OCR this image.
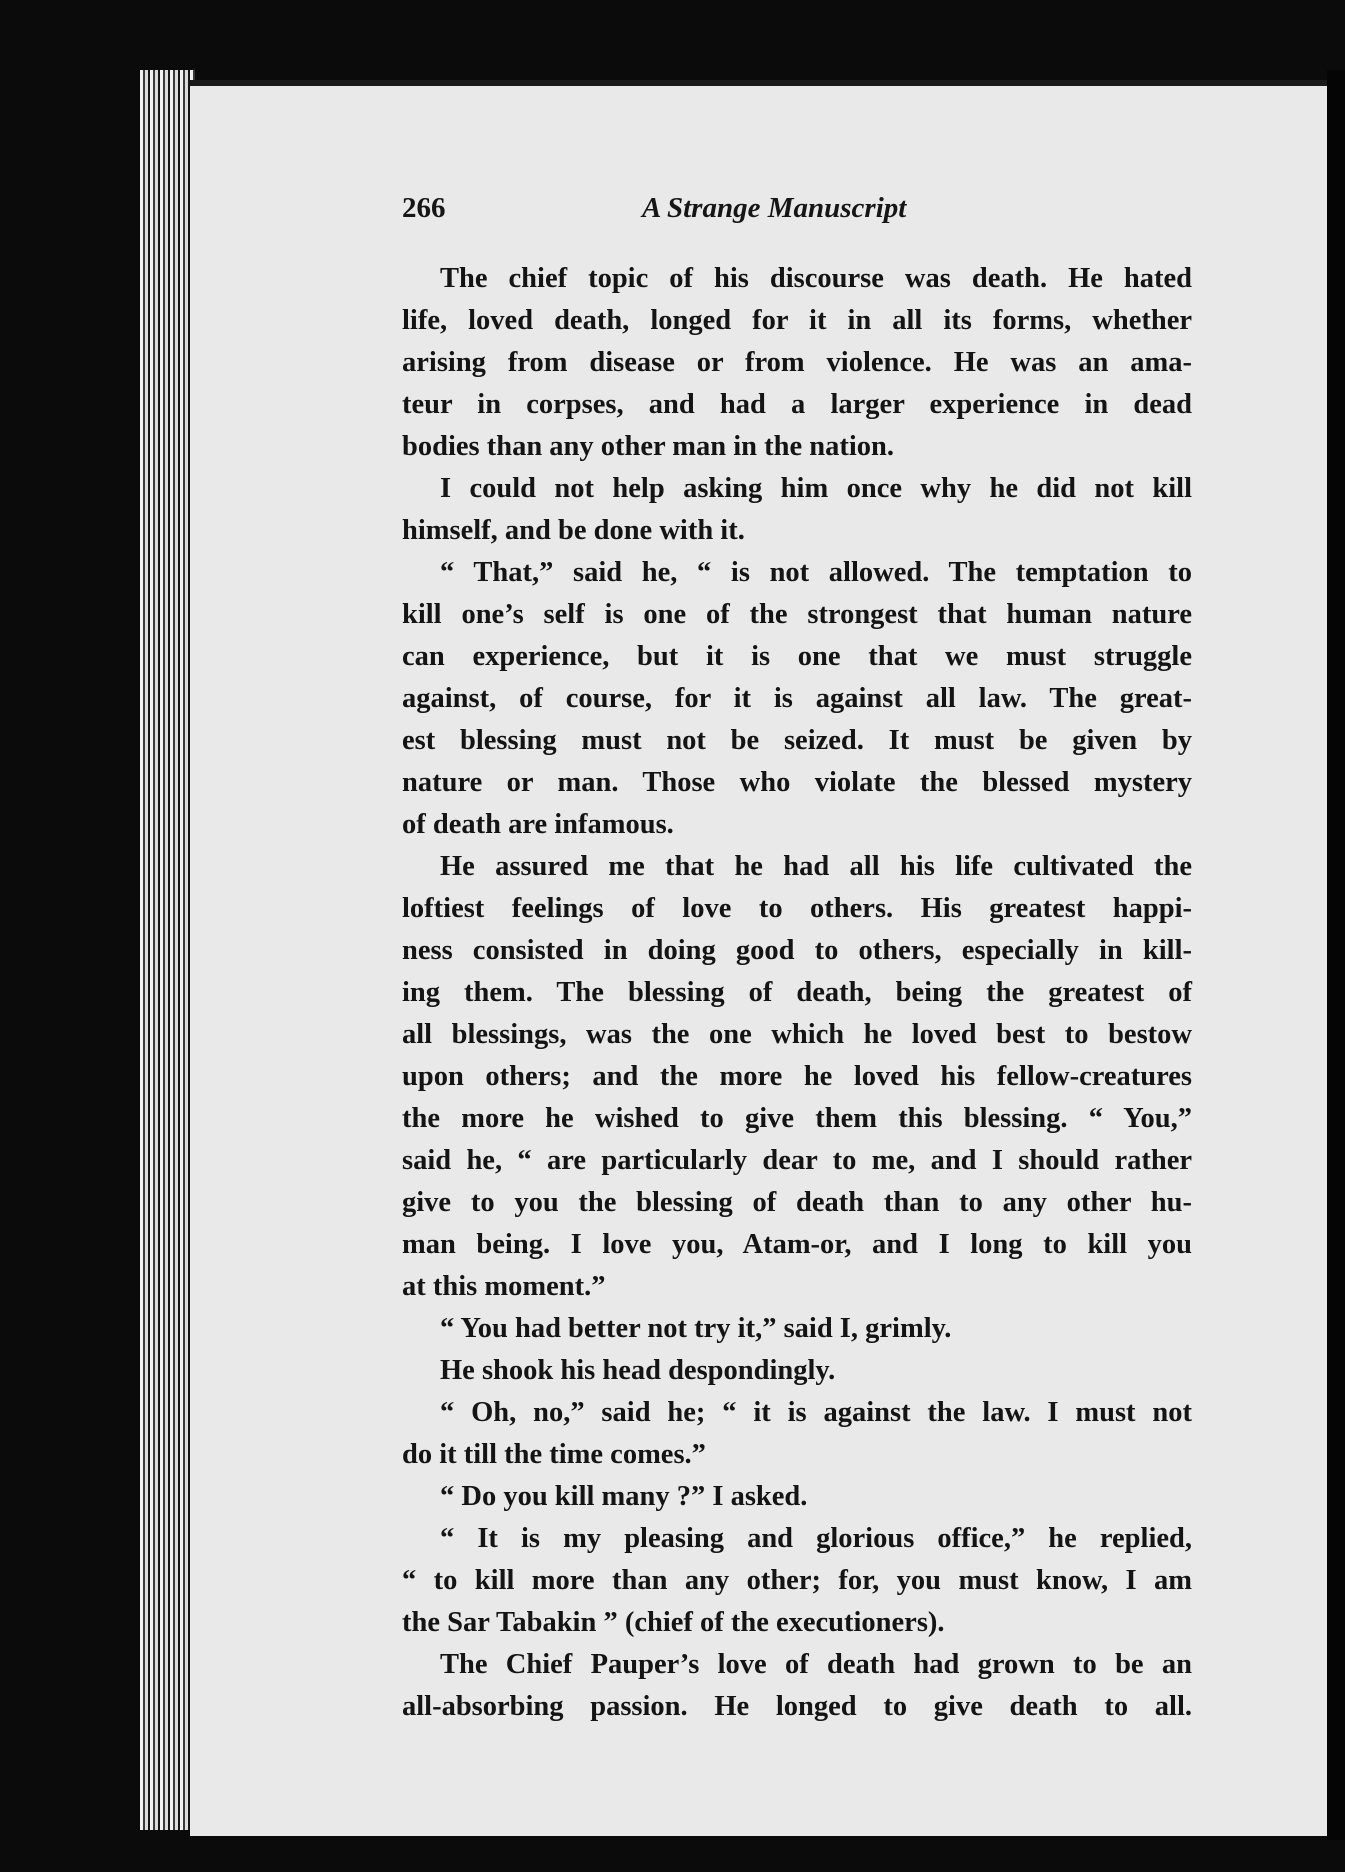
266	A Strange Manuscript
The chief topic of his discourse was death. He hated
life, loved death, longed for it in all its forms, whether
arising from disease or from violence. He was an ama-
teur in corpses, and had a larger experience in dead
bodies than any other man in the nation.
I could not help asking him once why he did not kill
himself, and be done with it.
“ That,” said he, “ is not allowed. The temptation to
kill one’s self is one of the strongest that human nature
can experience, but it is one that we must struggle
against, of course, for it is against all law. The great-
est blessing must not be seized. It must be given by
nature or man. Those who violate the blessed mystery
of death are infamous.
He assured me that he had all his life cultivated the
loftiest feelings of love to others. His greatest happi-
ness consisted in doing good to others, especially in kill-
ing them. The blessing of death, being the greatest of
all blessings, was the one which he loved best to bestow
upon others; and the more he loved his fellow-creatures
the more he wished to give them this blessing. “ You,”
said he, “ are particularly dear to me, and I should rather
give to you the blessing of death than to any other hu-
man being. I love you, Atam-or, and I long to kill you
at this moment.”
“ You had better not try it,” said I, grimly.
He shook his head despondingly.
“ Oh, no,” said he; “ it is against the law. I must not
do it till the time comes.”
“ Do you kill many ?” I asked.
“ It is my pleasing and glorious office,” he replied,
“ to kill more than any other; for, you must know, I am
the Sar Tabakin ” (chief of the executioners).
The Chief Pauper’s love of death had grown to be an
all-absorbing passion. He longed to give death to all.
